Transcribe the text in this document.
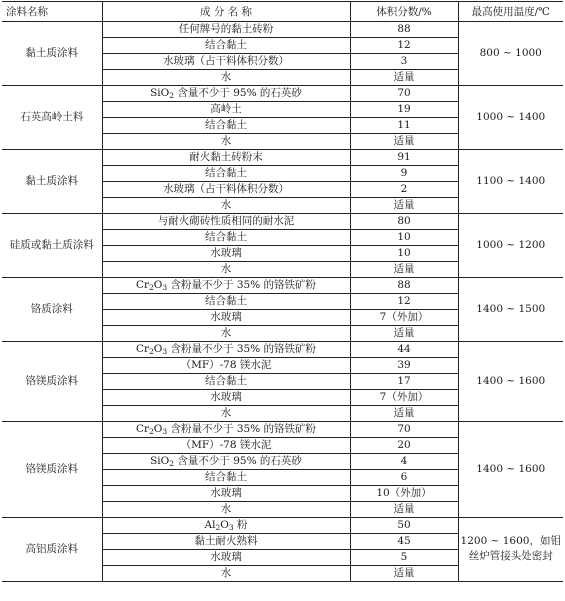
涂料名称	成 分 名 称	体积分数/%	最高使用温度/℃
黏土质涂料	任何牌号的黏土砖粉	88	800 ~ 1000
	结合黏土	12	
	水玻璃（占干料体积分数）	3	
	水	适量	
石英高岭土料	SiO$_2$ 含量不少于 95% 的石英砂	70	1000 ~ 1400
	高岭土	19	
	结合黏土	11	
	水	适量	
黏土质涂料	耐火黏土砖粉末	91	1100 ~ 1400
	结合黏土	9	
	水玻璃（占干料体积分数）	2	
	水	适量	
硅质或黏土质涂料	与耐火砌砖性质相同的耐水泥	80	1000 ~ 1200
	结合黏土	10	
	水玻璃	10	
	水	适量	
铬质涂料	$Cr_2O_3$ 含粉量不少于 35% 的铬铁矿粉	88	1400 ~ 1500
	结合黏土	12	
	水玻璃	7（外加）	
	水	适量	
铬镁质涂料	$Cr_2O_3$ 含粉量不少于 35% 的铬铁矿粉	44	1400 ~ 1600
	（MF）-78 镁水泥	39	
	结合黏土	17	
	水玻璃	7（外加）	
	水	适量	
铬镁质涂料	$Cr_2O_3$ 含粉量不少于 35% 的铬铁矿粉	70	1400 ~ 1600
	（MF）-78 镁水泥	20	
	SiO$_2$ 含量不少于 95% 的石英砂	4	
	结合黏土	6	
	水玻璃	10（外加）	
	水	适量	
高铝质涂料	$Al_2O_3$ 粉	50	1200 ~ 1600，如钼丝炉管接头处密封
	黏土耐火熟料	45	
	水玻璃	5	
	水	适量	
